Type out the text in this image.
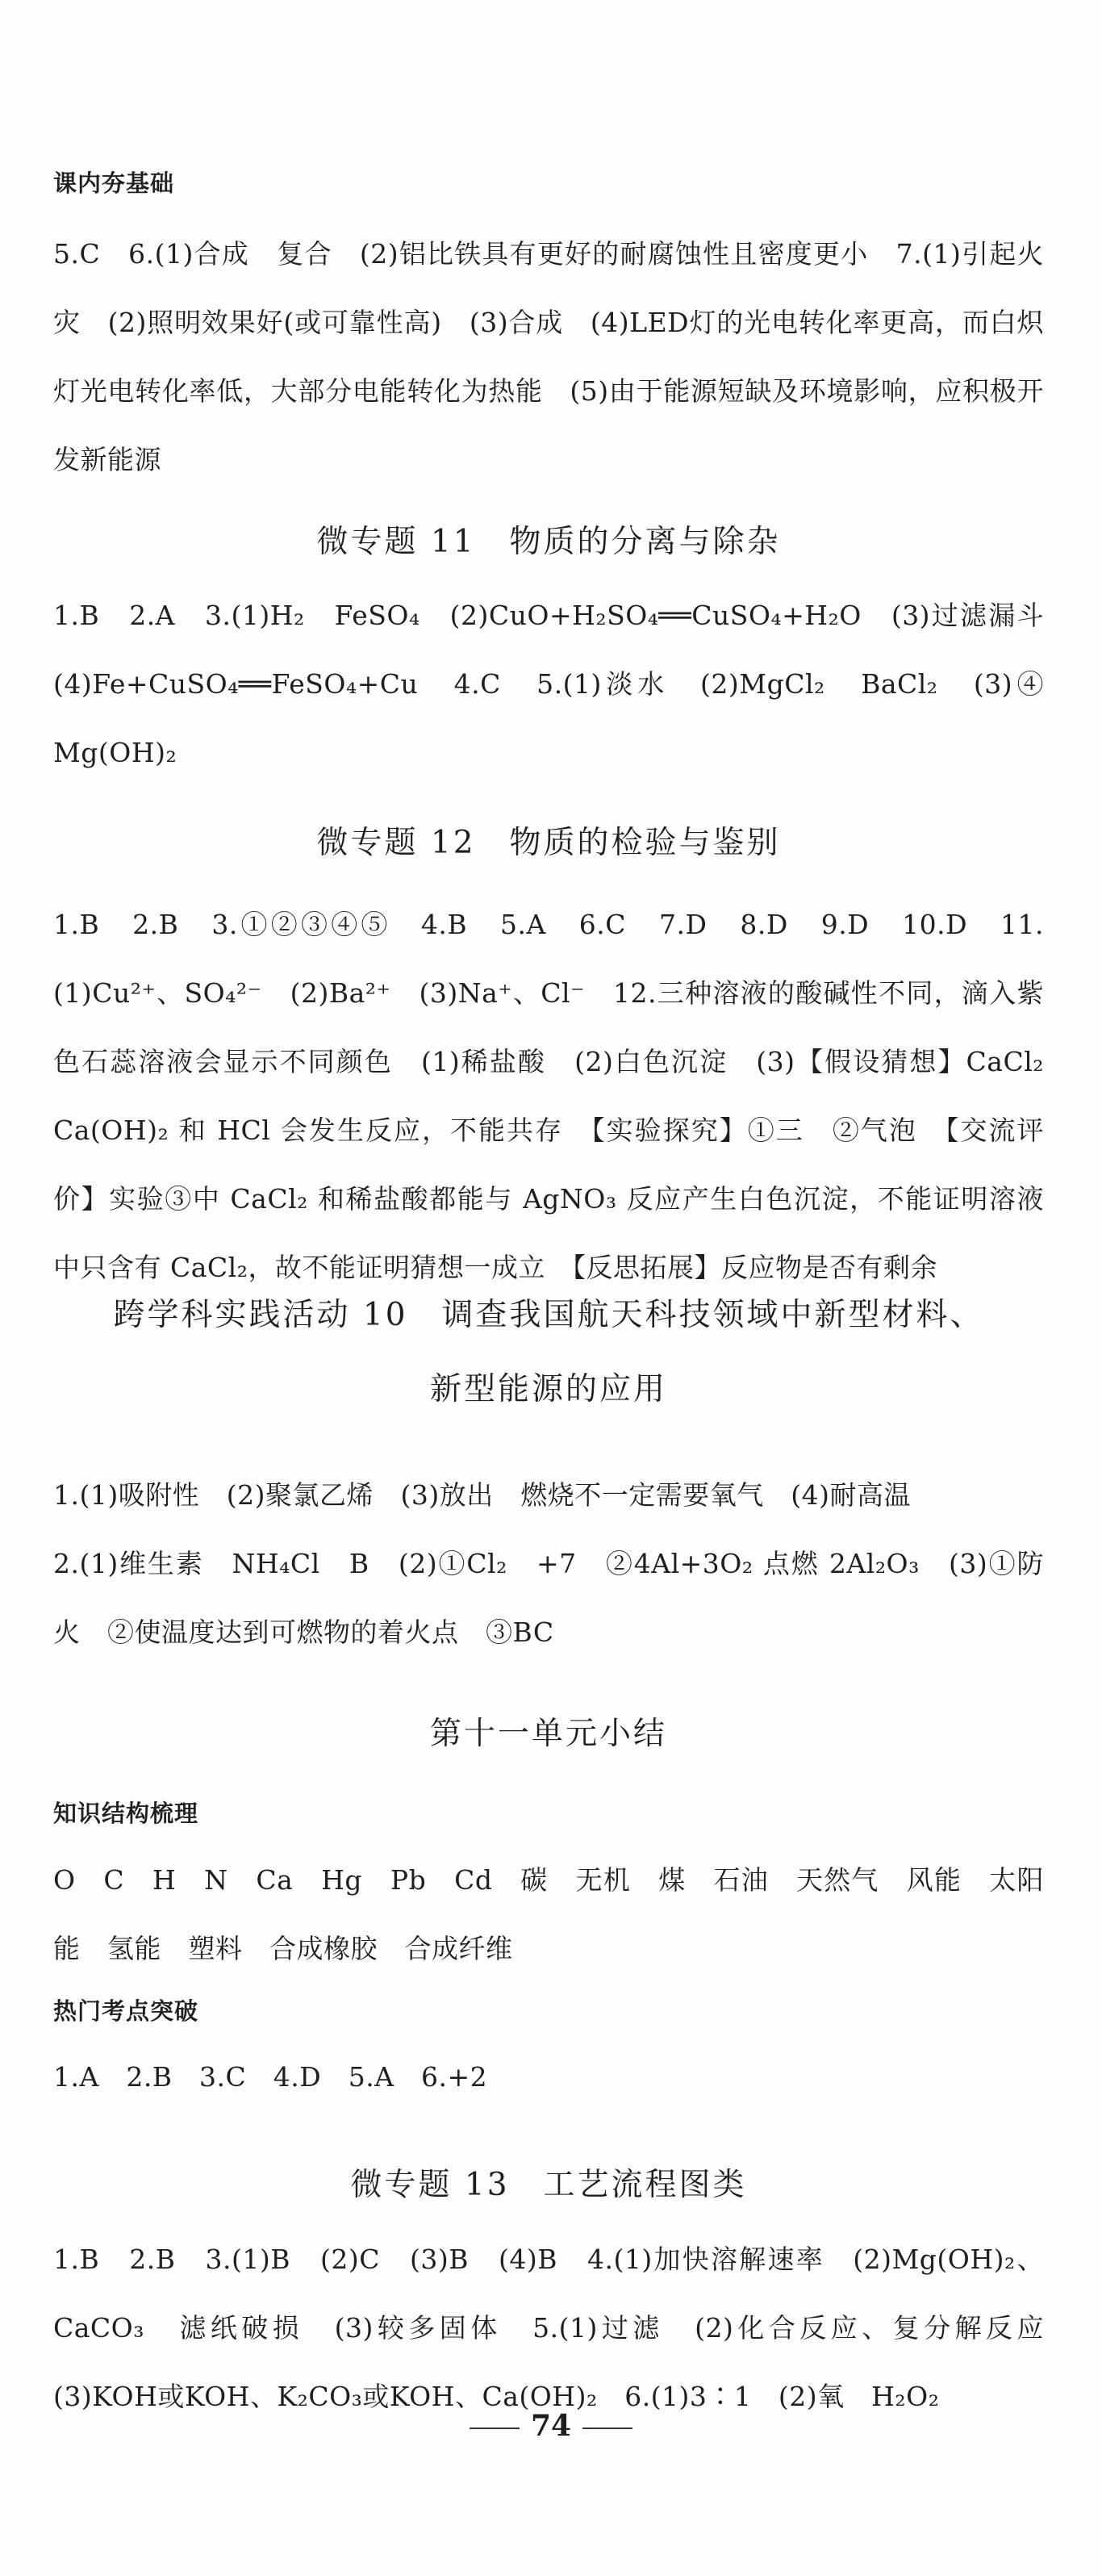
课内夯基础
5.C　6.(1)合成　复合　(2)铝比铁具有更好的耐腐蚀性且密度更小　7.(1)引起火灾　(2)照明效果好(或可靠性高)　(3)合成　(4)LED灯的光电转化率更高，而白炽灯光电转化率低，大部分电能转化为热能　(5)由于能源短缺及环境影响，应积极开发新能源
微专题 11　物质的分离与除杂
1.B　2.A　3.(1)H₂　FeSO₄　(2)CuO+H₂SO₄══CuSO₄+H₂O　(3)过滤漏斗　(4)Fe+CuSO₄══FeSO₄+Cu　4.C　5.(1)淡水　(2)MgCl₂　BaCl₂　(3)④　Mg(OH)₂
微专题 12　物质的检验与鉴别
1.B　2.B　3.①②③④⑤　4.B　5.A　6.C　7.D　8.D　9.D　10.D　11.(1)Cu²⁺、SO₄²⁻　(2)Ba²⁺　(3)Na⁺、Cl⁻　12.三种溶液的酸碱性不同，滴入紫色石蕊溶液会显示不同颜色　(1)稀盐酸　(2)白色沉淀　(3)【假设猜想】CaCl₂　Ca(OH)₂ 和 HCl 会发生反应，不能共存　【实验探究】①三　②气泡　【交流评价】实验③中 CaCl₂ 和稀盐酸都能与 AgNO₃ 反应产生白色沉淀，不能证明溶液中只含有 CaCl₂，故不能证明猜想一成立　【反思拓展】反应物是否有剩余
跨学科实践活动 10　调查我国航天科技领域中新型材料、
新型能源的应用
1.(1)吸附性　(2)聚氯乙烯　(3)放出　燃烧不一定需要氧气　(4)耐高温
2.(1)维生素　NH₄Cl　B　(2)①Cl₂　+7　②4Al+3O₂ 点燃 2Al₂O₃　(3)①防火　②使温度达到可燃物的着火点　③BC
第十一单元小结
知识结构梳理
O　C　H　N　Ca　Hg　Pb　Cd　碳　无机　煤　石油　天然气　风能　太阳能　氢能　塑料　合成橡胶　合成纤维
热门考点突破
1.A　2.B　3.C　4.D　5.A　6.+2
微专题 13　工艺流程图类
1.B　2.B　3.(1)B　(2)C　(3)B　(4)B　4.(1)加快溶解速率　(2)Mg(OH)₂、CaCO₃　滤纸破损　(3)较多固体　5.(1)过滤　(2)化合反应、复分解反应　(3)KOH或KOH、K₂CO₃或KOH、Ca(OH)₂　6.(1)3∶1　(2)氧　H₂O₂
74
